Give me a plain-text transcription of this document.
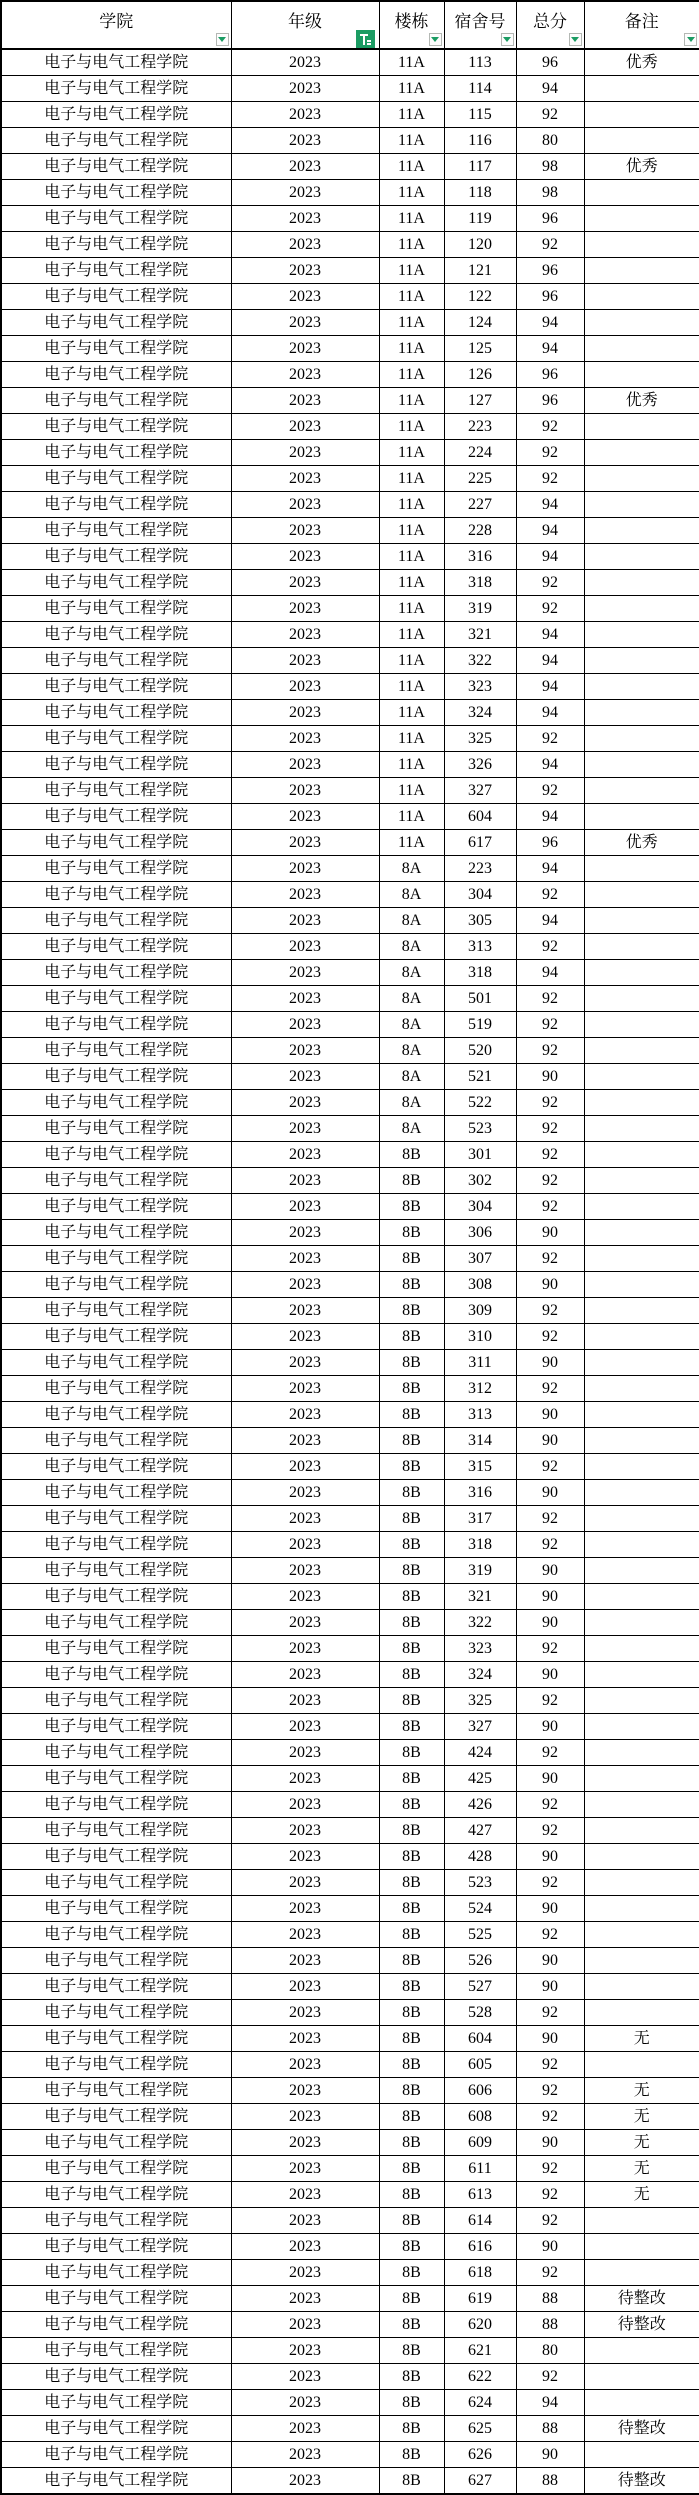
学院	年级	楼栋	宿舍号	总分	备注

电子与电气工程学院	2023	11A	113	96	优秀
电子与电气工程学院	2023	11A	114	94	
电子与电气工程学院	2023	11A	115	92	
电子与电气工程学院	2023	11A	116	80	
电子与电气工程学院	2023	11A	117	98	优秀
电子与电气工程学院	2023	11A	118	98	
电子与电气工程学院	2023	11A	119	96	
电子与电气工程学院	2023	11A	120	92	
电子与电气工程学院	2023	11A	121	96	
电子与电气工程学院	2023	11A	122	96	
电子与电气工程学院	2023	11A	124	94	
电子与电气工程学院	2023	11A	125	94	
电子与电气工程学院	2023	11A	126	96	
电子与电气工程学院	2023	11A	127	96	优秀
电子与电气工程学院	2023	11A	223	92	
电子与电气工程学院	2023	11A	224	92	
电子与电气工程学院	2023	11A	225	92	
电子与电气工程学院	2023	11A	227	94	
电子与电气工程学院	2023	11A	228	94	
电子与电气工程学院	2023	11A	316	94	
电子与电气工程学院	2023	11A	318	92	
电子与电气工程学院	2023	11A	319	92	
电子与电气工程学院	2023	11A	321	94	
电子与电气工程学院	2023	11A	322	94	
电子与电气工程学院	2023	11A	323	94	
电子与电气工程学院	2023	11A	324	94	
电子与电气工程学院	2023	11A	325	92	
电子与电气工程学院	2023	11A	326	94	
电子与电气工程学院	2023	11A	327	92	
电子与电气工程学院	2023	11A	604	94	
电子与电气工程学院	2023	11A	617	96	优秀
电子与电气工程学院	2023	8A	223	94	
电子与电气工程学院	2023	8A	304	92	
电子与电气工程学院	2023	8A	305	94	
电子与电气工程学院	2023	8A	313	92	
电子与电气工程学院	2023	8A	318	94	
电子与电气工程学院	2023	8A	501	92	
电子与电气工程学院	2023	8A	519	92	
电子与电气工程学院	2023	8A	520	92	
电子与电气工程学院	2023	8A	521	90	
电子与电气工程学院	2023	8A	522	92	
电子与电气工程学院	2023	8A	523	92	
电子与电气工程学院	2023	8B	301	92	
电子与电气工程学院	2023	8B	302	92	
电子与电气工程学院	2023	8B	304	92	
电子与电气工程学院	2023	8B	306	90	
电子与电气工程学院	2023	8B	307	92	
电子与电气工程学院	2023	8B	308	90	
电子与电气工程学院	2023	8B	309	92	
电子与电气工程学院	2023	8B	310	92	
电子与电气工程学院	2023	8B	311	90	
电子与电气工程学院	2023	8B	312	92	
电子与电气工程学院	2023	8B	313	90	
电子与电气工程学院	2023	8B	314	90	
电子与电气工程学院	2023	8B	315	92	
电子与电气工程学院	2023	8B	316	90	
电子与电气工程学院	2023	8B	317	92	
电子与电气工程学院	2023	8B	318	92	
电子与电气工程学院	2023	8B	319	90	
电子与电气工程学院	2023	8B	321	90	
电子与电气工程学院	2023	8B	322	90	
电子与电气工程学院	2023	8B	323	92	
电子与电气工程学院	2023	8B	324	90	
电子与电气工程学院	2023	8B	325	92	
电子与电气工程学院	2023	8B	327	90	
电子与电气工程学院	2023	8B	424	92	
电子与电气工程学院	2023	8B	425	90	
电子与电气工程学院	2023	8B	426	92	
电子与电气工程学院	2023	8B	427	92	
电子与电气工程学院	2023	8B	428	90	
电子与电气工程学院	2023	8B	523	92	
电子与电气工程学院	2023	8B	524	90	
电子与电气工程学院	2023	8B	525	92	
电子与电气工程学院	2023	8B	526	90	
电子与电气工程学院	2023	8B	527	90	
电子与电气工程学院	2023	8B	528	92	
电子与电气工程学院	2023	8B	604	90	无
电子与电气工程学院	2023	8B	605	92	
电子与电气工程学院	2023	8B	606	92	无
电子与电气工程学院	2023	8B	608	92	无
电子与电气工程学院	2023	8B	609	90	无
电子与电气工程学院	2023	8B	611	92	无
电子与电气工程学院	2023	8B	613	92	无
电子与电气工程学院	2023	8B	614	92	
电子与电气工程学院	2023	8B	616	90	
电子与电气工程学院	2023	8B	618	92	
电子与电气工程学院	2023	8B	619	88	待整改
电子与电气工程学院	2023	8B	620	88	待整改
电子与电气工程学院	2023	8B	621	80	
电子与电气工程学院	2023	8B	622	92	
电子与电气工程学院	2023	8B	624	94	
电子与电气工程学院	2023	8B	625	88	待整改
电子与电气工程学院	2023	8B	626	90	
电子与电气工程学院	2023	8B	627	88	待整改
